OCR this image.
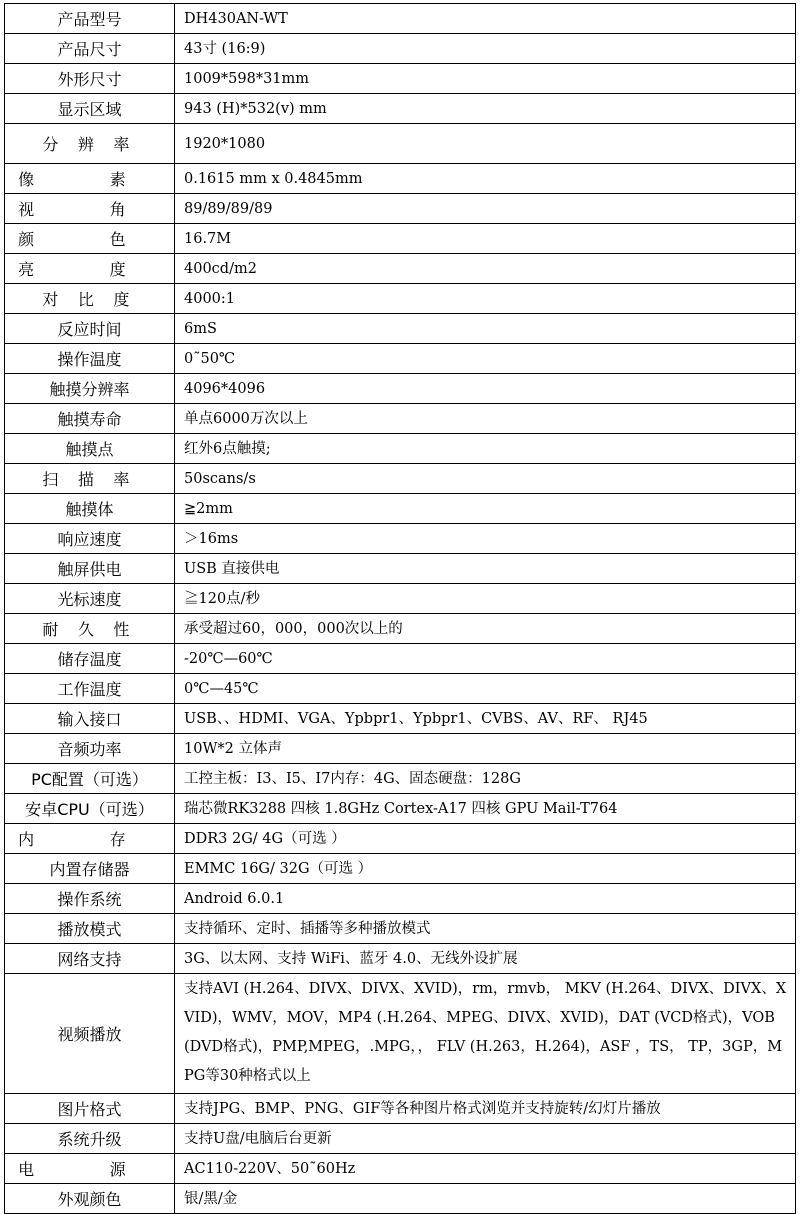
产品型号	DH430AN-WT
产品尺寸	43寸 (16:9)
外形尺寸	1009*598*31mm
显示区域	943 (H)*532(v) mm
分 辨 率	1920*1080
像 素	0.1615 mm x 0.4845mm
视 角	89/89/89/89
颜 色	16.7M
亮 度	400cd/m2
对 比 度	4000:1
反应时间	6mS
操作温度	0˜50℃
触摸分辨率	4096*4096
触摸寿命	单点6000万次以上
触摸点	红外6点触摸;
扫 描 率	50scans/s
触摸体	≧2mm
响应速度	＞16ms
触屏供电	USB 直接供电
光标速度	≧120点/秒
耐 久 性	承受超过60，000，000次以上的
储存温度	-20℃—60℃
工作温度	0℃—45℃
输入接口	USB、、HDMI、VGA、Ypbpr1、Ypbpr1、CVBS、AV、RF、 RJ45
音频功率	10W*2 立体声
PC配置（可选）	工控主板：I3、I5、I7内存：4G、固态硬盘：128G
安卓CPU（可选）	瑞芯微RK3288 四核 1.8GHz Cortex-A17 四核 GPU Mail-T764
内 存	DDR3 2G/ 4G（可选 ）
内置存储器	EMMC 16G/ 32G（可选 ）
操作系统	Android 6.0.1
播放模式	支持循环、定时、插播等多种播放模式
网络支持	3G、以太网、支持 WiFi、蓝牙 4.0、无线外设扩展
视频播放	支持AVI (H.264、DIVX、DIVX、XVID)，rm，rmvb， MKV (H.264、DIVX、DIVX、XVID)，WMV，MOV，MP4 (.H.264、MPEG、DIVX、XVID)，DAT (VCD格式)，VOB (DVD格式)，PMP,MPEG，.MPG，， FLV (H.263，H.264)，ASF ，TS， TP，3GP，MPG等30种格式以上
图片格式	支持JPG、BMP、PNG、GIF等各种图片格式浏览并支持旋转/幻灯片播放
系统升级	支持U盘/电脑后台更新
电 源	AC110-220V、50˜60Hz
外观颜色	银/黑/金
